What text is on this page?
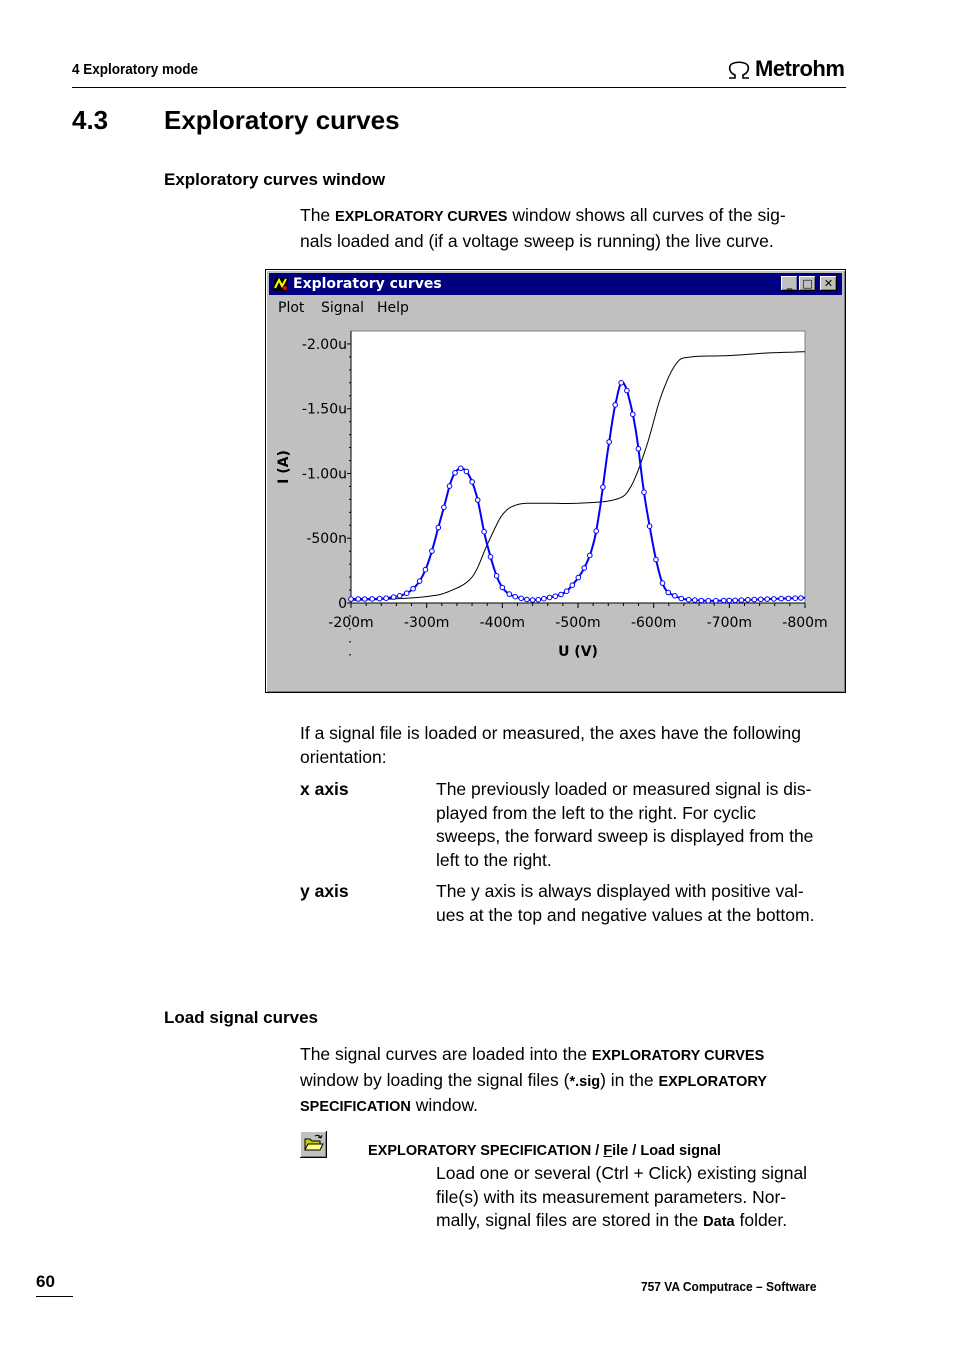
4 Exploratory mode	Metrohm
4.3 Exploratory curves
Exploratory curves window
The EXPLORATORY CURVES window shows all curves of the sig-
nals loaded and (if a voltage sweep is running) the live curve.
Exploratory curves	_ □	✕
Plot Signal Help
-2.00u
-1.50u
-1.00u
-500n
0
-200m -300m -400m -500m -600m -700m -800m
U (V)
I (A)
If a signal file is loaded or measured, the axes have the following
orientation:
x axis	The previously loaded or measured signal is dis-
played from the left to the right. For cyclic
sweeps, the forward sweep is displayed from the
left to the right.
y axis	The y axis is always displayed with positive val-
ues at the top and negative values at the bottom.
Load signal curves
The signal curves are loaded into the EXPLORATORY CURVES
window by loading the signal files (*.sig) in the EXPLORATORY
SPECIFICATION window.
EXPLORATORY SPECIFICATION / File / Load signal
Load one or several (Ctrl + Click) existing signal
file(s) with its measurement parameters. Nor-
mally, signal files are stored in the Data folder.
60	757 VA Computrace – Software
